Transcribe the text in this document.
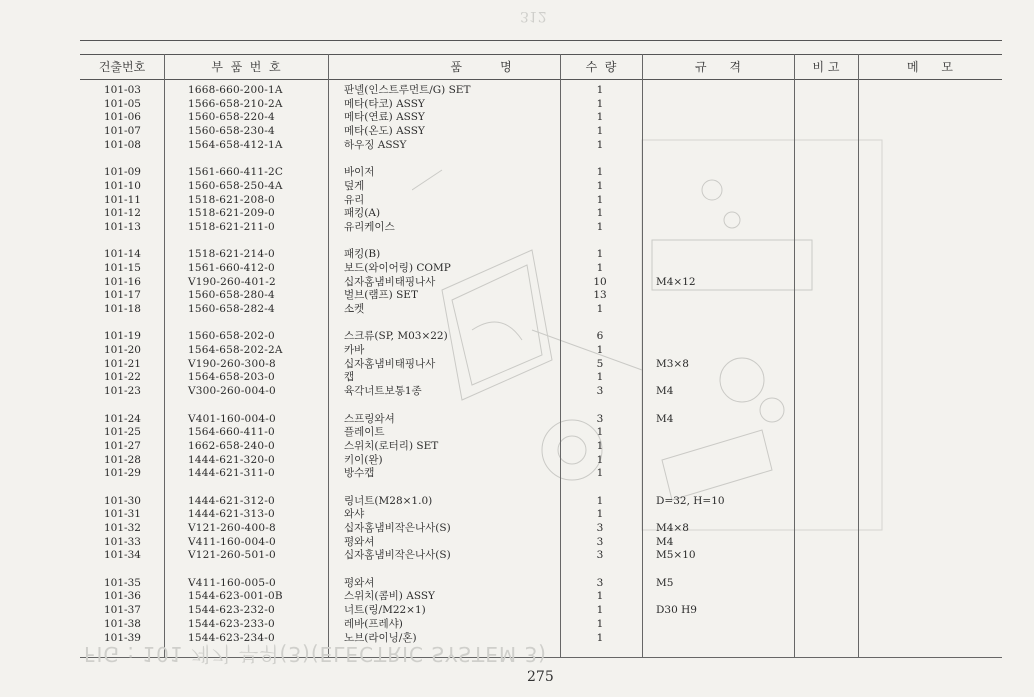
312
건출번호	부  품  번  호	품          명	수  량	규      격	비 고	메      모
101-03	1668-660-200-1A	판넬(인스트루먼트/G) SET	1
101-05	1566-658-210-2A	메타(타코) ASSY	1
101-06	1560-658-220-4	메타(연료) ASSY	1
101-07	1560-658-230-4	메타(온도) ASSY	1
101-08	1564-658-412-1A	하우징 ASSY	1
101-09	1561-660-411-2C	바이저	1
101-10	1560-658-250-4A	덮게	1
101-11	1518-621-208-0	유리	1
101-12	1518-621-209-0	패킹(A)	1
101-13	1518-621-211-0	유리케이스	1
101-14	1518-621-214-0	패킹(B)	1
101-15	1561-660-412-0	보드(와이어링) COMP	1
101-16	V190-260-401-2	십자홈냄비태핑나사	10	M4×12
101-17	1560-658-280-4	벌브(램프) SET	13
101-18	1560-658-282-4	소켓	1
101-19	1560-658-202-0	스크류(SP, M03×22)	6
101-20	1564-658-202-2A	카바	1
101-21	V190-260-300-8	십자홈냄비태핑나사	5	M3×8
101-22	1564-658-203-0	캡	1
101-23	V300-260-004-0	육각너트보통1종	3	M4
101-24	V401-160-004-0	스프링와셔	3	M4
101-25	1564-660-411-0	플레이트	1
101-27	1662-658-240-0	스위치(로터리) SET	1
101-28	1444-621-320-0	키이(완)	1
101-29	1444-621-311-0	방수캡	1
101-30	1444-621-312-0	링너트(M28×1.0)	1	D=32, H=10
101-31	1444-621-313-0	와샤	1
101-32	V121-260-400-8	십자홈냄비작은나사(S)	3	M4×8
101-33	V411-160-004-0	평와셔	3	M4
101-34	V121-260-501-0	십자홈냄비작은나사(S)	3	M5×10
101-35	V411-160-005-0	평와셔	3	M5
101-36	1544-623-001-0B	스위치(콤비) ASSY	1
101-37	1544-623-232-0	너트(링/M22×1)	1	D30 H9
101-38	1544-623-233-0	레바(프레샤)	1
101-39	1544-623-234-0	노브(라이닝/혼)	1
FIG : 101 계기 부위(3)(ELECTRIC SYSTEM 3)
275
